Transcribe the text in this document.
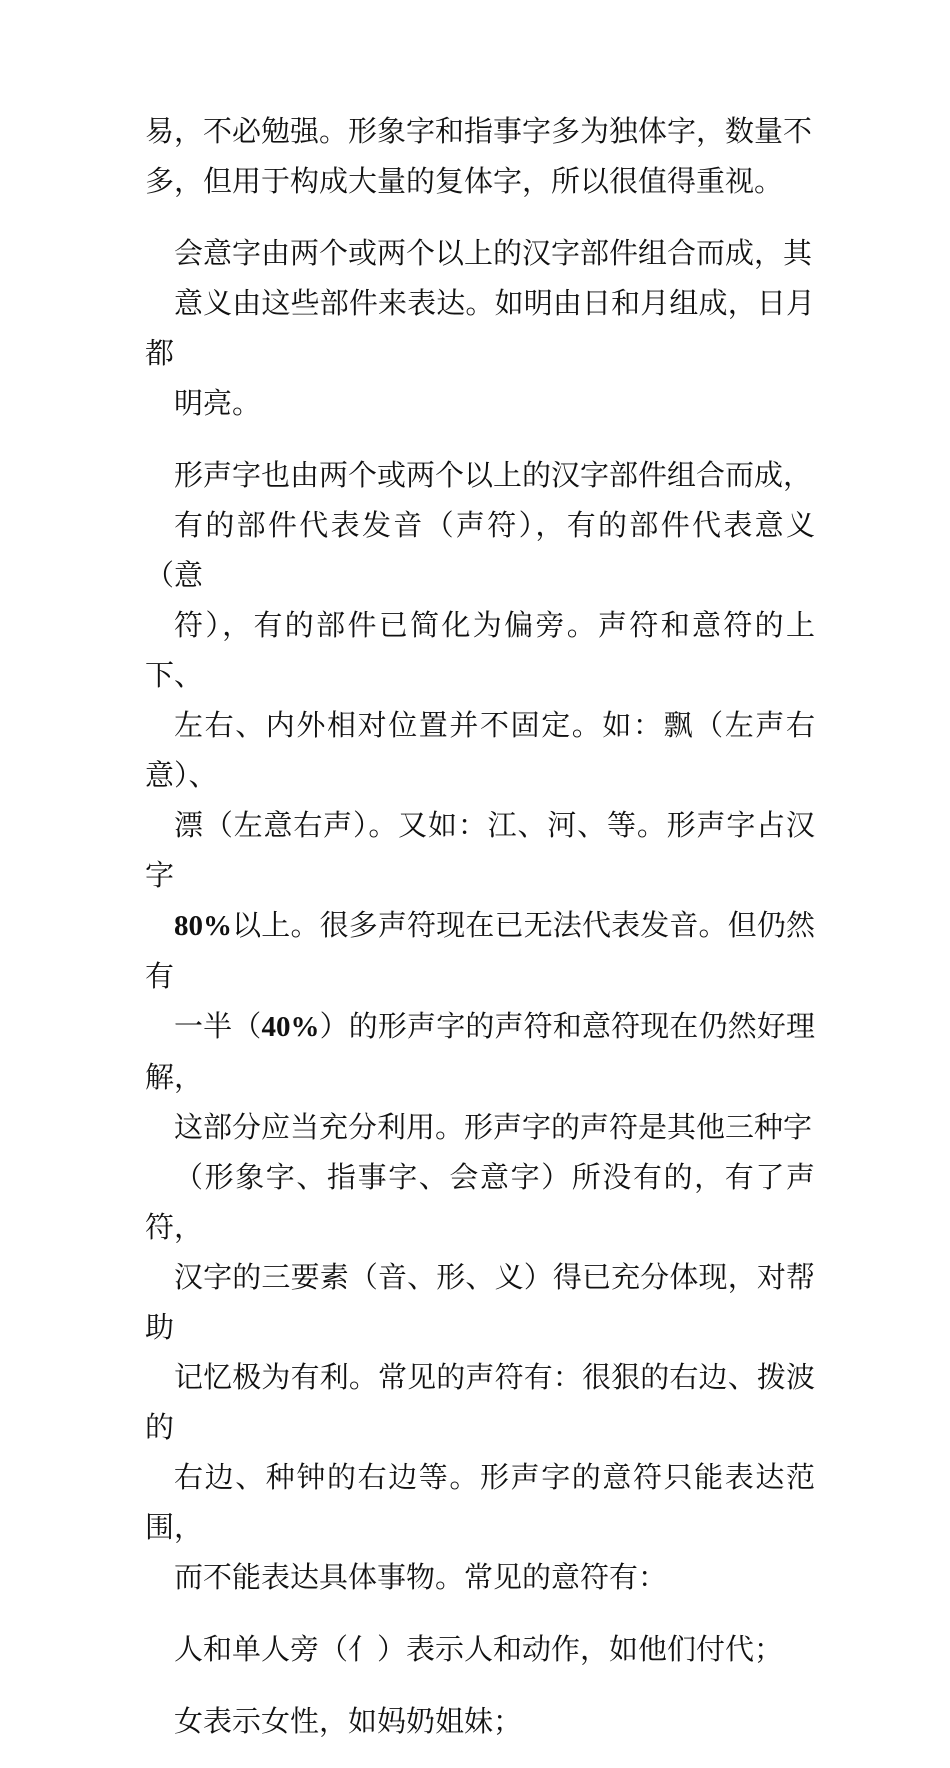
易，不必勉强。形象字和指事字多为独体字，数量不
多，但用于构成大量的复体字，所以很值得重视。

会意字由两个或两个以上的汉字部件组合而成，其
意义由这些部件来表达。如明由日和月组成，日月都
明亮。

形声字也由两个或两个以上的汉字部件组合而成，
有的部件代表发音（声符），有的部件代表意义（意
符），有的部件已简化为偏旁。声符和意符的上下、
左右、内外相对位置并不固定。如：飘（左声右意）、
漂（左意右声）。又如：江、河、等。形声字占汉字
80%以上。很多声符现在已无法代表发音。但仍然有
一半（40%）的形声字的声符和意符现在仍然好理解，
这部分应当充分利用。形声字的声符是其他三种字
（形象字、指事字、会意字）所没有的，有了声符，
汉字的三要素（音、形、义）得已充分体现，对帮助
记忆极为有利。常见的声符有：很狠的右边、拨波的
右边、种钟的右边等。形声字的意符只能表达范围，
而不能表达具体事物。常见的意符有：

人和单人旁（亻）表示人和动作，如他们付代；

女表示女性，如妈奶姐妹；
